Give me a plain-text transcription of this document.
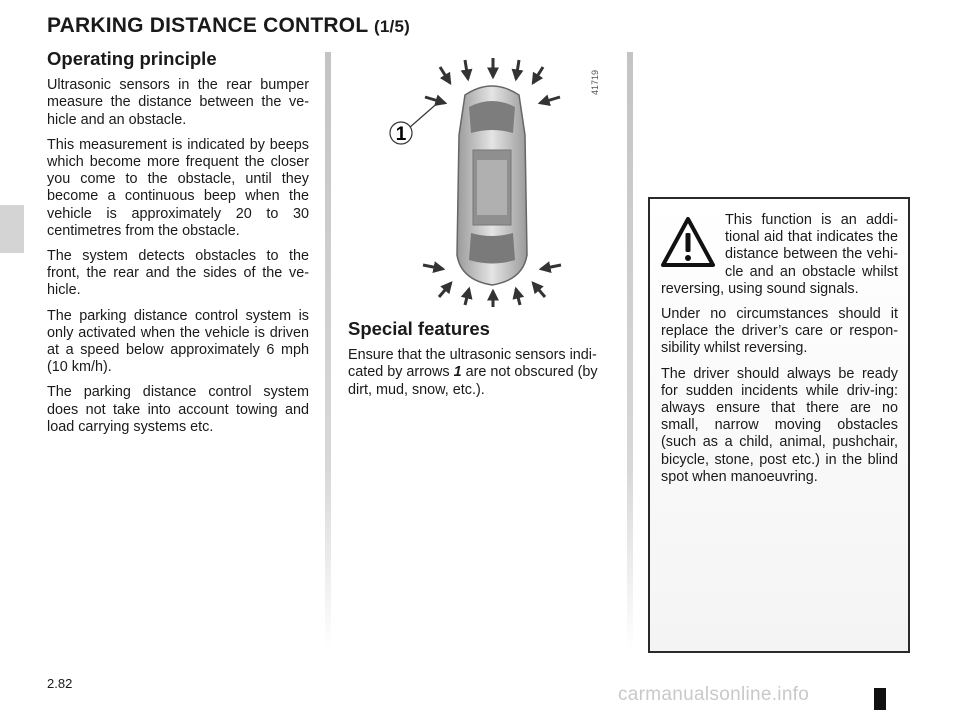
PARKING DISTANCE CONTROL (1/5)
Operating principle

Ultrasonic sensors in the rear bumper measure the distance between the ve-hicle and an obstacle.

This measurement is indicated by beeps which become more frequent the closer you come to the obstacle, until they become a continuous beep when the vehicle is approximately 20 to 30 centimetres from the obstacle.

The system detects obstacles to the front, the rear and the sides of the ve-hicle.

The parking distance control system is only activated when the vehicle is driven at a speed below approximately 6 mph (10 km/h).

The parking distance control system does not take into account towing and load carrying systems etc.

1
41719
Special features

Ensure that the ultrasonic sensors indi-cated by arrows 1 are not obscured (by dirt, mud, snow, etc.).

This function is an addi-tional aid that indicates the distance between the vehi-cle and an obstacle whilst reversing, using sound signals.

Under no circumstances should it replace the driver’s care or respon-sibility whilst reversing.

The driver should always be ready for sudden incidents while driv-ing: always ensure that there are no small, narrow moving obstacles (such as a child, animal, pushchair, bicycle, stone, post etc.) in the blind spot when manoeuvring.

2.82
carmanualsonline.info
